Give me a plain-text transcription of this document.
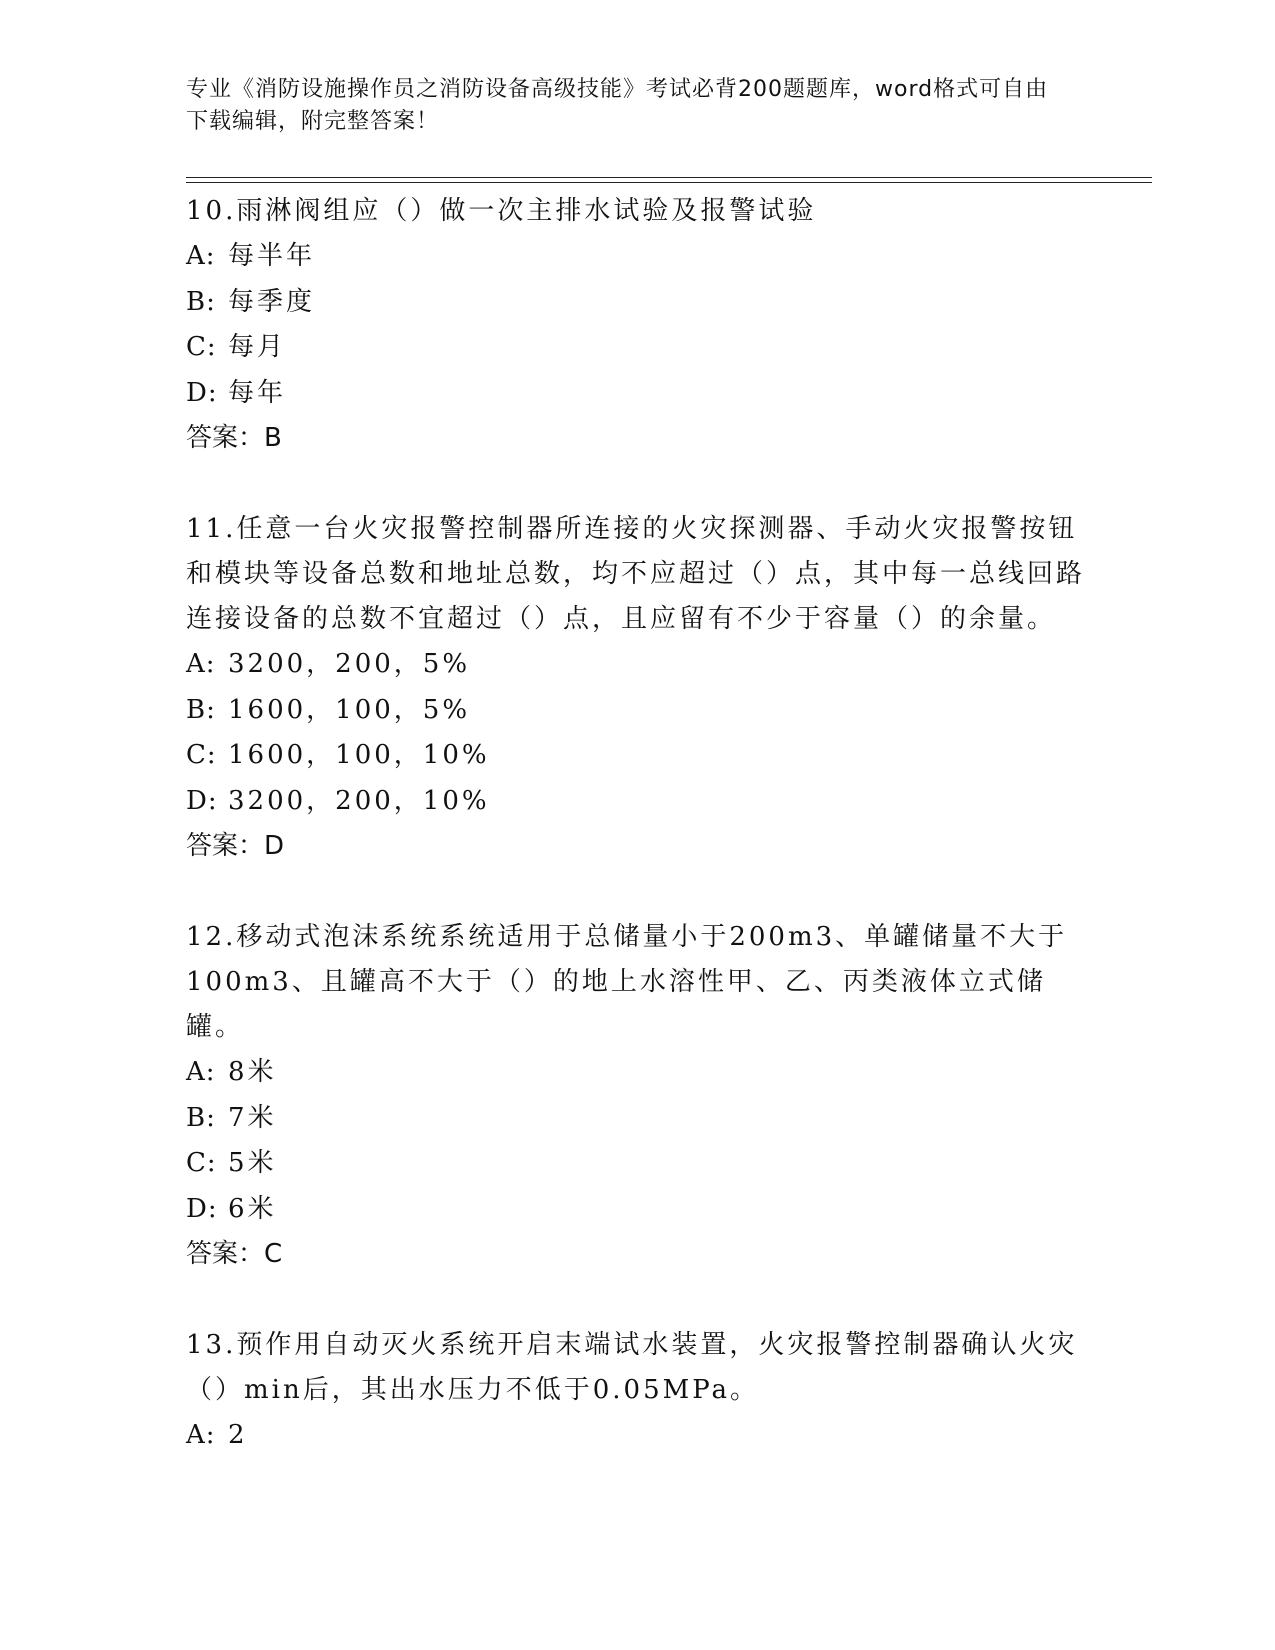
专业《消防设施操作员之消防设备高级技能》考试必背200题题库，word格式可自由下载编辑，附完整答案！

10.雨淋阀组应（）做一次主排水试验及报警试验

A: 每半年

B: 每季度

C: 每月

D: 每年

答案：B

11.任意一台火灾报警控制器所连接的火灾探测器、手动火灾报警按钮和模块等设备总数和地址总数，均不应超过（）点，其中每一总线回路连接设备的总数不宜超过（）点，且应留有不少于容量（）的余量。

A: 3200，200，5%

B: 1600，100，5%

C: 1600，100，10%

D: 3200，200，10%

答案：D

12.移动式泡沫系统系统适用于总储量小于200m3、单罐储量不大于100m3、且罐高不大于（）的地上水溶性甲、乙、丙类液体立式储罐。

A: 8米

B: 7米

C: 5米

D: 6米

答案：C

13.预作用自动灭火系统开启末端试水装置，火灾报警控制器确认火灾（）min后，其出水压力不低于0.05MPa。

A: 2
